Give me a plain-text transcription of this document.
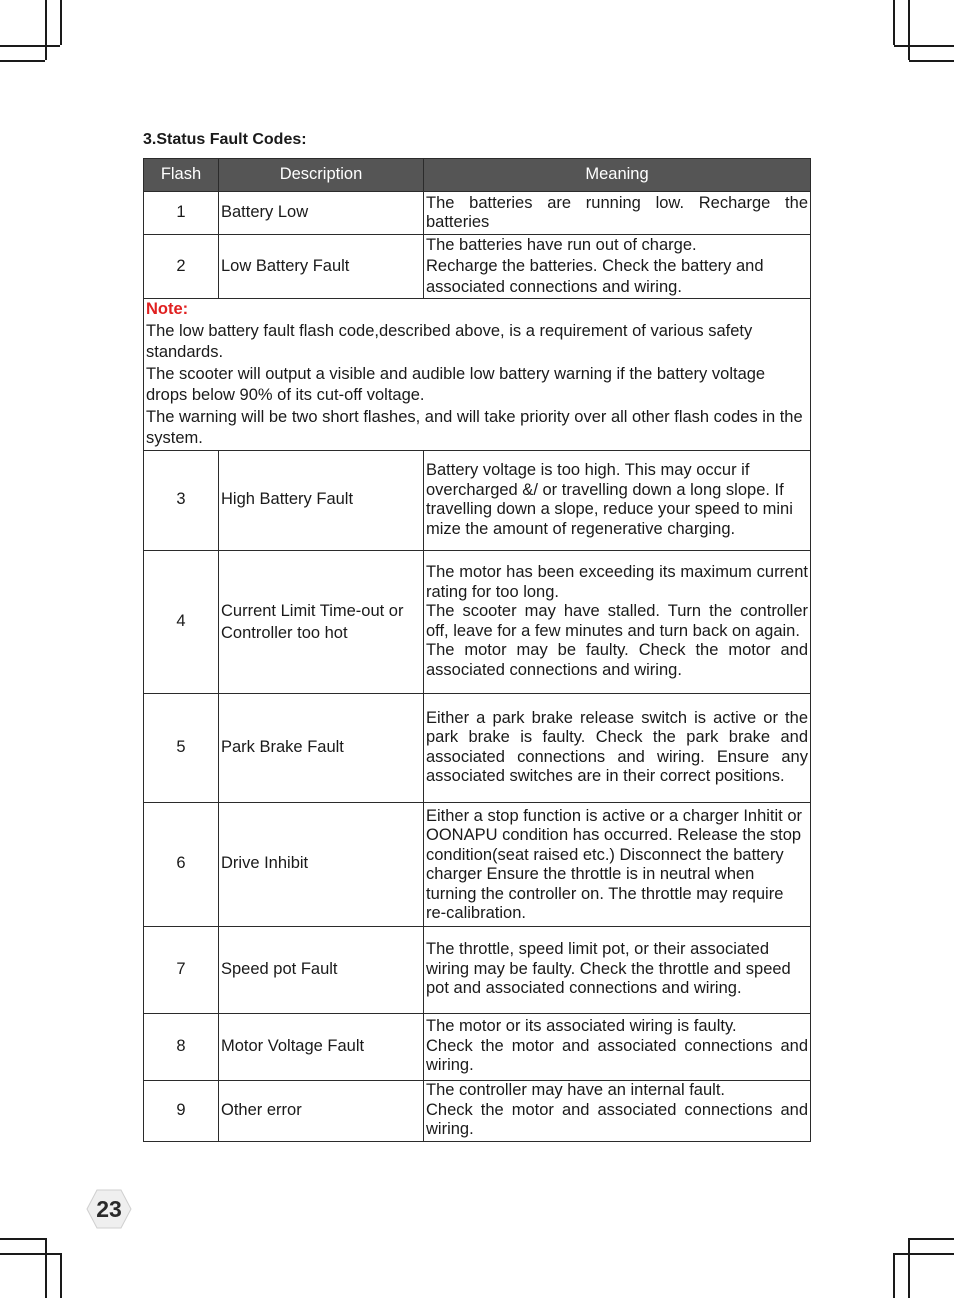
3.Status Fault Codes:
Flash	Description	Meaning
1	Battery Low	The batteries are running low. Recharge the batteries

2	Low Battery Fault	The batteries have run out of charge.
Recharge the batteries. Check the battery and associated connections and wiring.

Note:
The low battery fault flash code,described above, is a requirement of various safety standards.
The scooter will output a visible and audible low battery warning if the battery voltage drops below 90% of its cut-off voltage.
The warning will be two short flashes, and will take priority over all other flash codes in the system.		

3	High Battery Fault	Battery voltage is too high. This may occur if overcharged &/ or travelling down a long slope. If travelling down a slope, reduce your speed to mini mize the amount of regenerative charging.

4	Current Limit Time-out or Controller too hot	The motor has been exceeding its maximum current rating for too long.
The scooter may have stalled. Turn the controller off, leave for a few minutes and turn back on again.
The motor may be faulty. Check the motor and associated connections and wiring.

5	Park Brake Fault	Either a park brake release switch is active or the park brake is faulty. Check the park brake and associated connections and wiring. Ensure any associated switches are in their correct positions.

6	Drive Inhibit	Either a stop function is active or a charger Inhitit or OONAPU condition has occurred. Release the stop condition(seat raised etc.) Disconnect the battery charger Ensure the throttle is in neutral when turning the controller on. The throttle may require re-calibration.

7	Speed pot Fault	The throttle, speed limit pot, or their associated wiring may be faulty. Check the throttle and speed pot and associated connections and wiring.

8	Motor Voltage Fault	The motor or its associated wiring is faulty.
Check the motor and associated connections and wiring.

9	Other error	The controller may have an internal fault.
Check the motor and associated connections and wiring.
23
